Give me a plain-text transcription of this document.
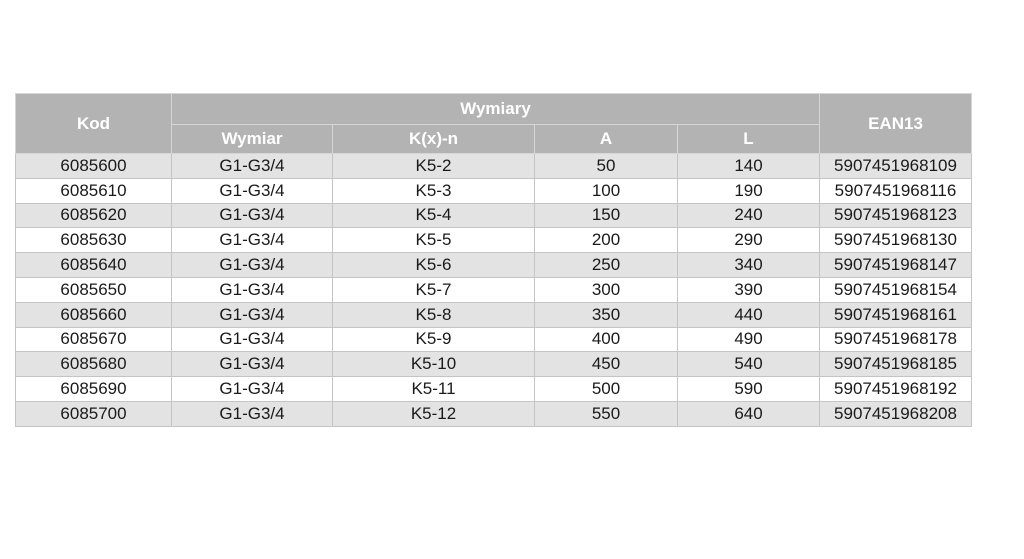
Kod	Wymiary				EAN13
	Wymiar	K(x)-n	A	L	
6085600	G1-G3/4	K5-2	50	140	5907451968109
6085610	G1-G3/4	K5-3	100	190	5907451968116
6085620	G1-G3/4	K5-4	150	240	5907451968123
6085630	G1-G3/4	K5-5	200	290	5907451968130
6085640	G1-G3/4	K5-6	250	340	5907451968147
6085650	G1-G3/4	K5-7	300	390	5907451968154
6085660	G1-G3/4	K5-8	350	440	5907451968161
6085670	G1-G3/4	K5-9	400	490	5907451968178
6085680	G1-G3/4	K5-10	450	540	5907451968185
6085690	G1-G3/4	K5-11	500	590	5907451968192
6085700	G1-G3/4	K5-12	550	640	5907451968208
